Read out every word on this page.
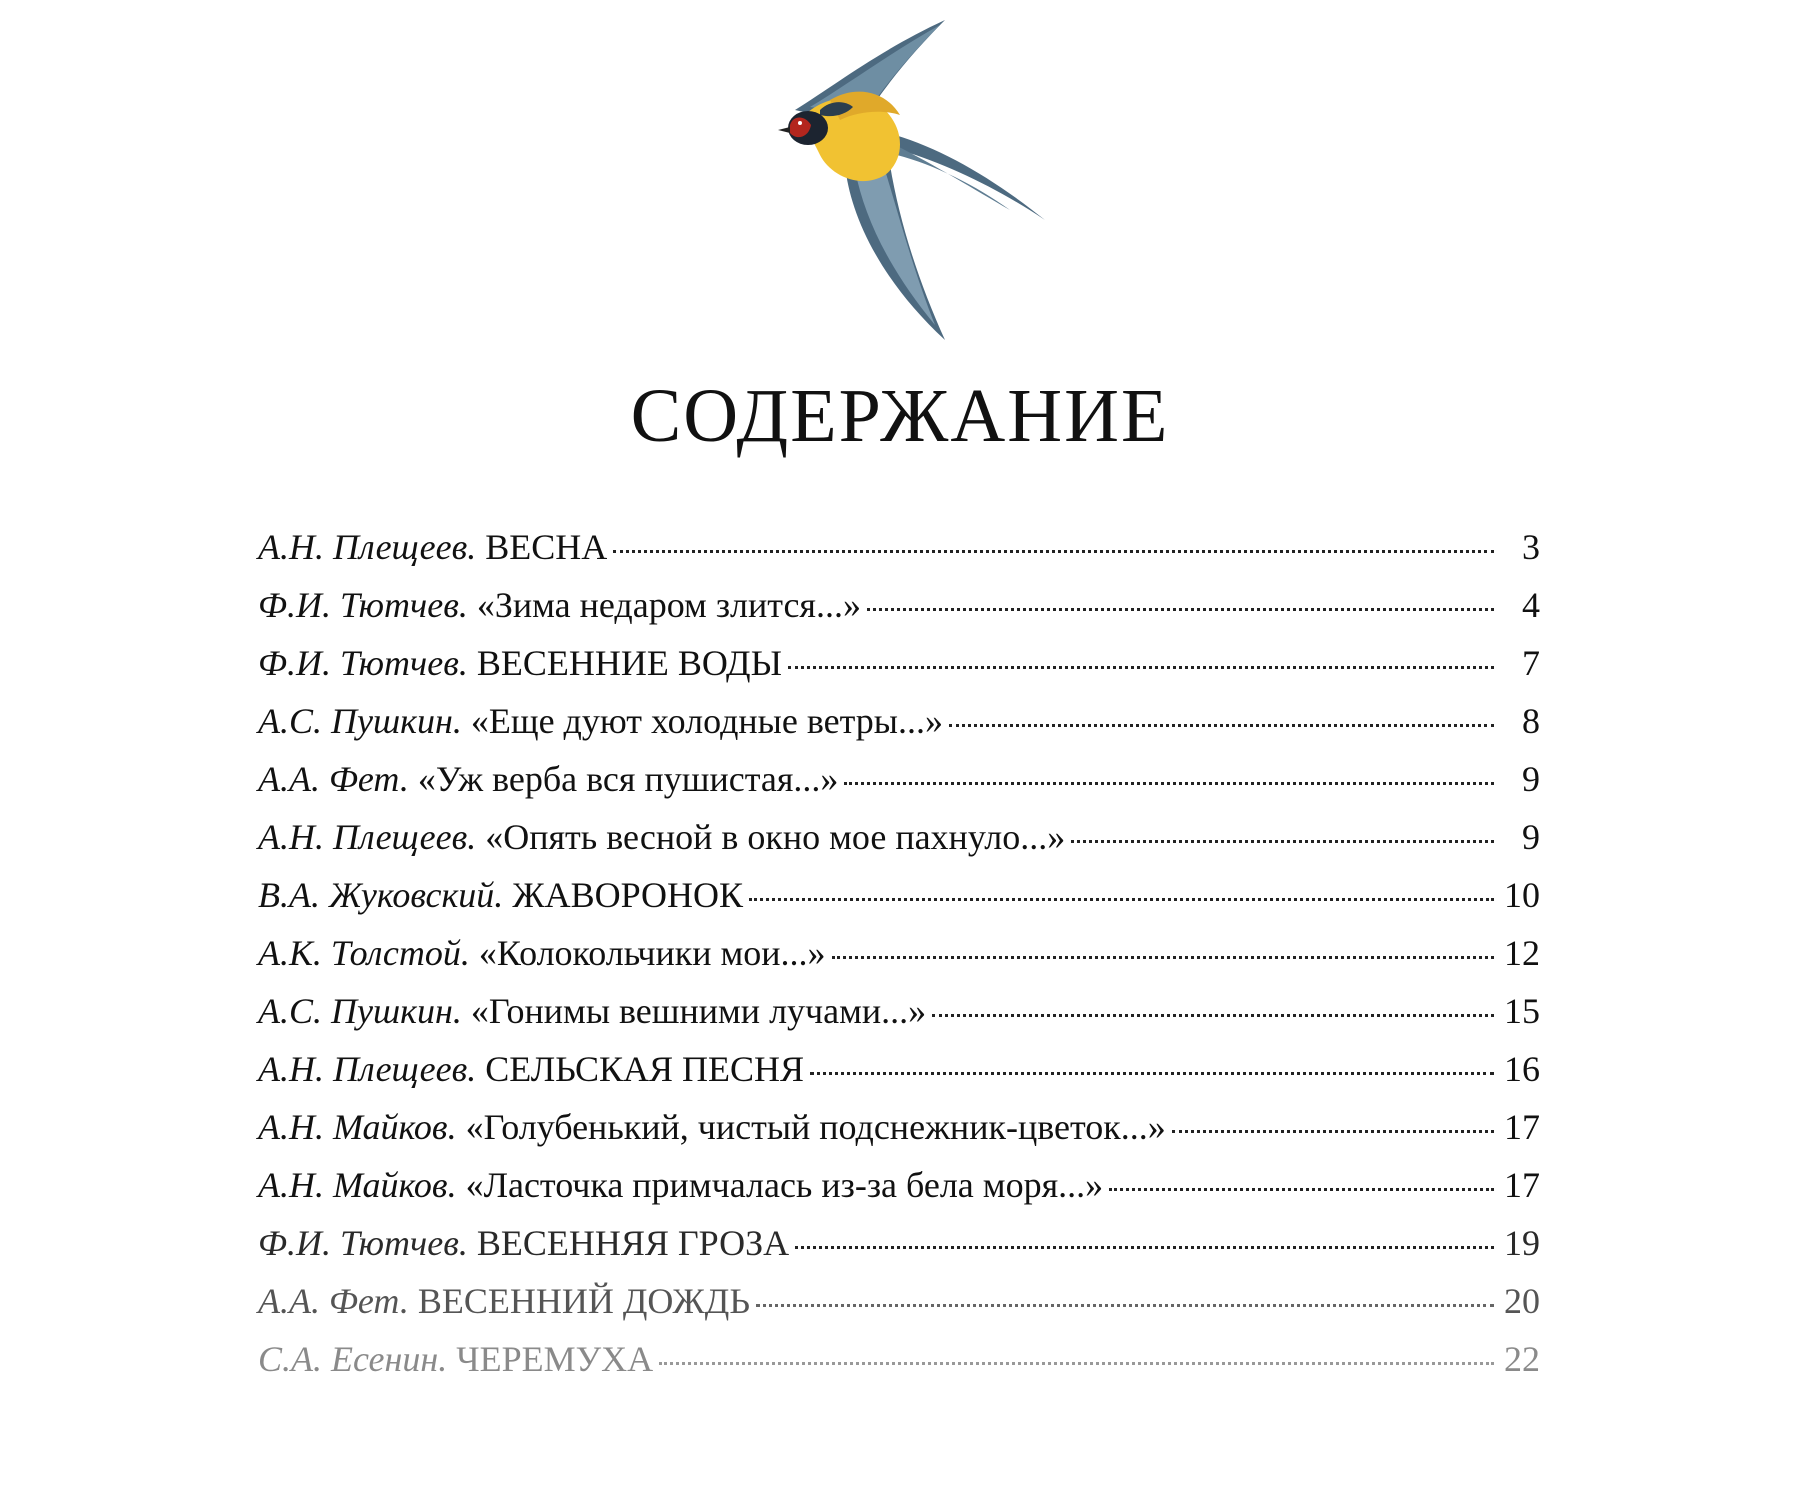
СОДЕРЖАНИЕ
А.Н. Плещеев. ВЕСНА	3
Ф.И. Тютчев. «Зима недаром злится...»	4
Ф.И. Тютчев. ВЕСЕННИЕ ВОДЫ	7
А.С. Пушкин. «Еще дуют холодные ветры...»	8
А.А. Фет. «Уж верба вся пушистая...»	9
А.Н. Плещеев. «Опять весной в окно мое пахнуло...»	9
В.А. Жуковский. ЖАВОРОНОК	10
А.К. Толстой. «Колокольчики мои...»	12
А.С. Пушкин. «Гонимы вешними лучами...»	15
А.Н. Плещеев. СЕЛЬСКАЯ ПЕСНЯ	16
А.Н. Майков. «Голубенький, чистый подснежник-цветок...»	17
А.Н. Майков. «Ласточка примчалась из-за бела моря...»	17
Ф.И. Тютчев. ВЕСЕННЯЯ ГРОЗА	19
А.А. Фет. ВЕСЕННИЙ ДОЖДЬ	20
С.А. Есенин. ЧЕРЕМУХА	22
